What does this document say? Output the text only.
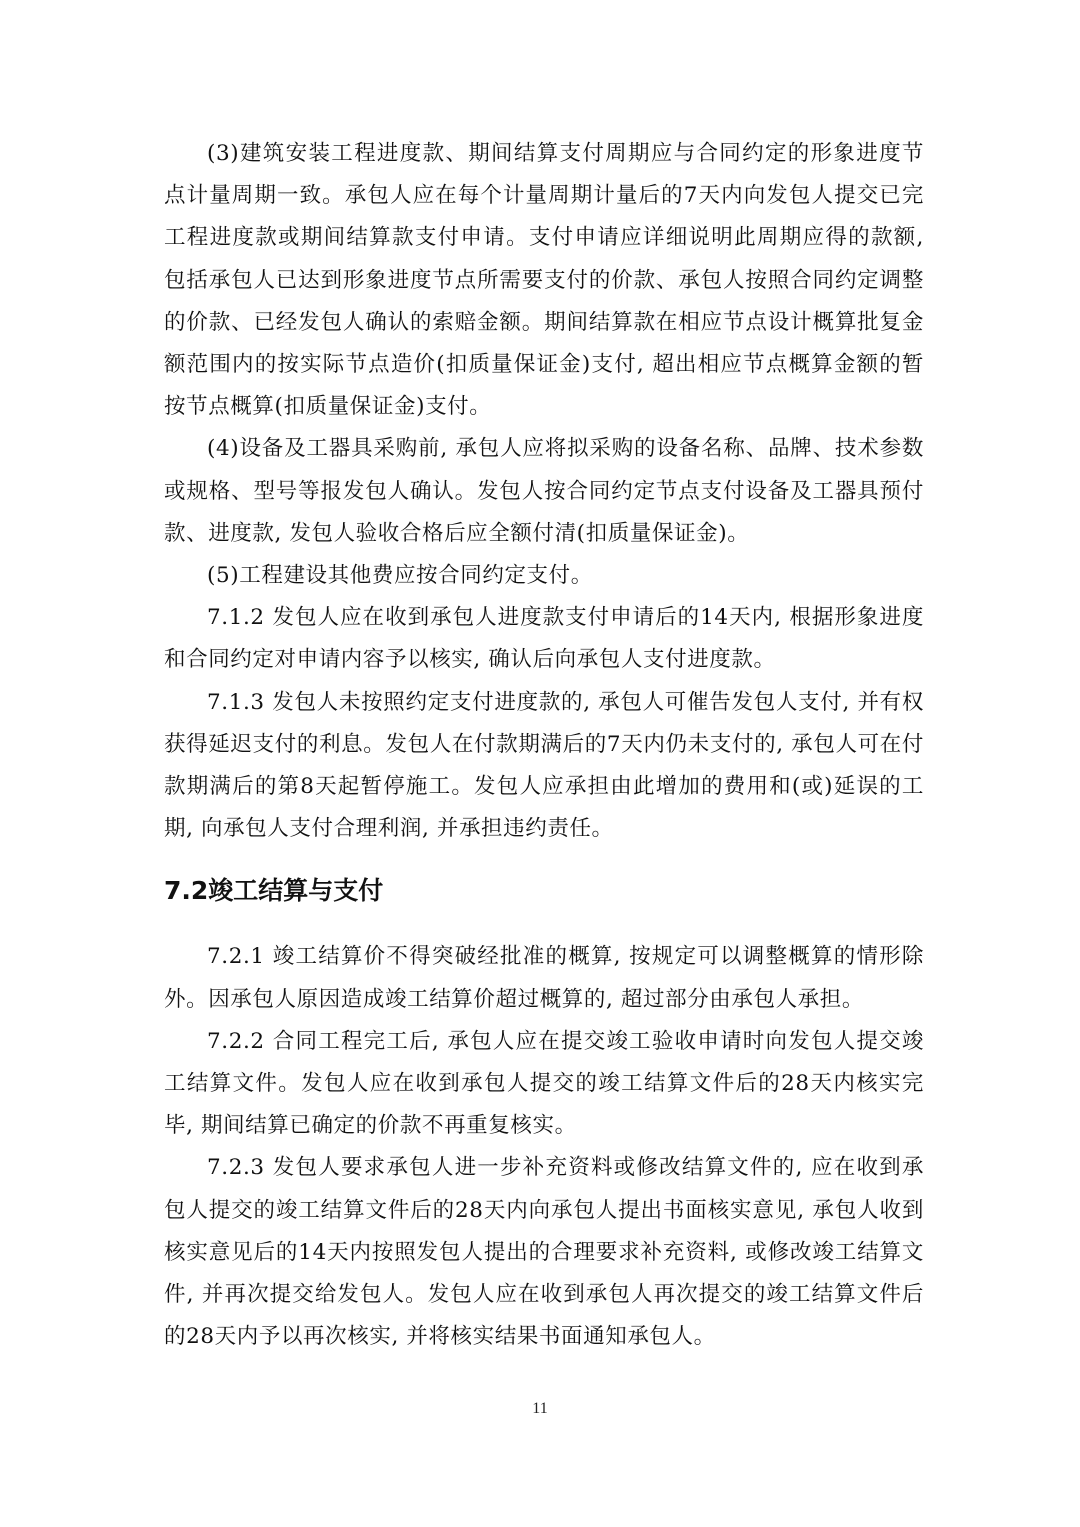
(3)建筑安装工程进度款、期间结算支付周期应与合同约定的形象进度节点计量周期一致。承包人应在每个计量周期计量后的7天内向发包人提交已完工程进度款或期间结算款支付申请。支付申请应详细说明此周期应得的款额, 包括承包人已达到形象进度节点所需要支付的价款、承包人按照合同约定调整的价款、已经发包人确认的索赔金额。期间结算款在相应节点设计概算批复金额范围内的按实际节点造价(扣质量保证金)支付, 超出相应节点概算金额的暂按节点概算(扣质量保证金)支付。

(4)设备及工器具采购前, 承包人应将拟采购的设备名称、品牌、技术参数或规格、型号等报发包人确认。发包人按合同约定节点支付设备及工器具预付款、进度款, 发包人验收合格后应全额付清(扣质量保证金)。

(5)工程建设其他费应按合同约定支付。

7.1.2 发包人应在收到承包人进度款支付申请后的14天内, 根据形象进度和合同约定对申请内容予以核实, 确认后向承包人支付进度款。

7.1.3 发包人未按照约定支付进度款的, 承包人可催告发包人支付, 并有权获得延迟支付的利息。发包人在付款期满后的7天内仍未支付的, 承包人可在付款期满后的第8天起暂停施工。发包人应承担由此增加的费用和(或)延误的工期, 向承包人支付合理利润, 并承担违约责任。

7.2竣工结算与支付

7.2.1 竣工结算价不得突破经批准的概算, 按规定可以调整概算的情形除外。因承包人原因造成竣工结算价超过概算的, 超过部分由承包人承担。

7.2.2 合同工程完工后, 承包人应在提交竣工验收申请时向发包人提交竣工结算文件。发包人应在收到承包人提交的竣工结算文件后的28天内核实完毕, 期间结算已确定的价款不再重复核实。

7.2.3 发包人要求承包人进一步补充资料或修改结算文件的, 应在收到承包人提交的竣工结算文件后的28天内向承包人提出书面核实意见, 承包人收到核实意见后的14天内按照发包人提出的合理要求补充资料, 或修改竣工结算文件, 并再次提交给发包人。发包人应在收到承包人再次提交的竣工结算文件后的28天内予以再次核实, 并将核实结果书面通知承包人。

11
